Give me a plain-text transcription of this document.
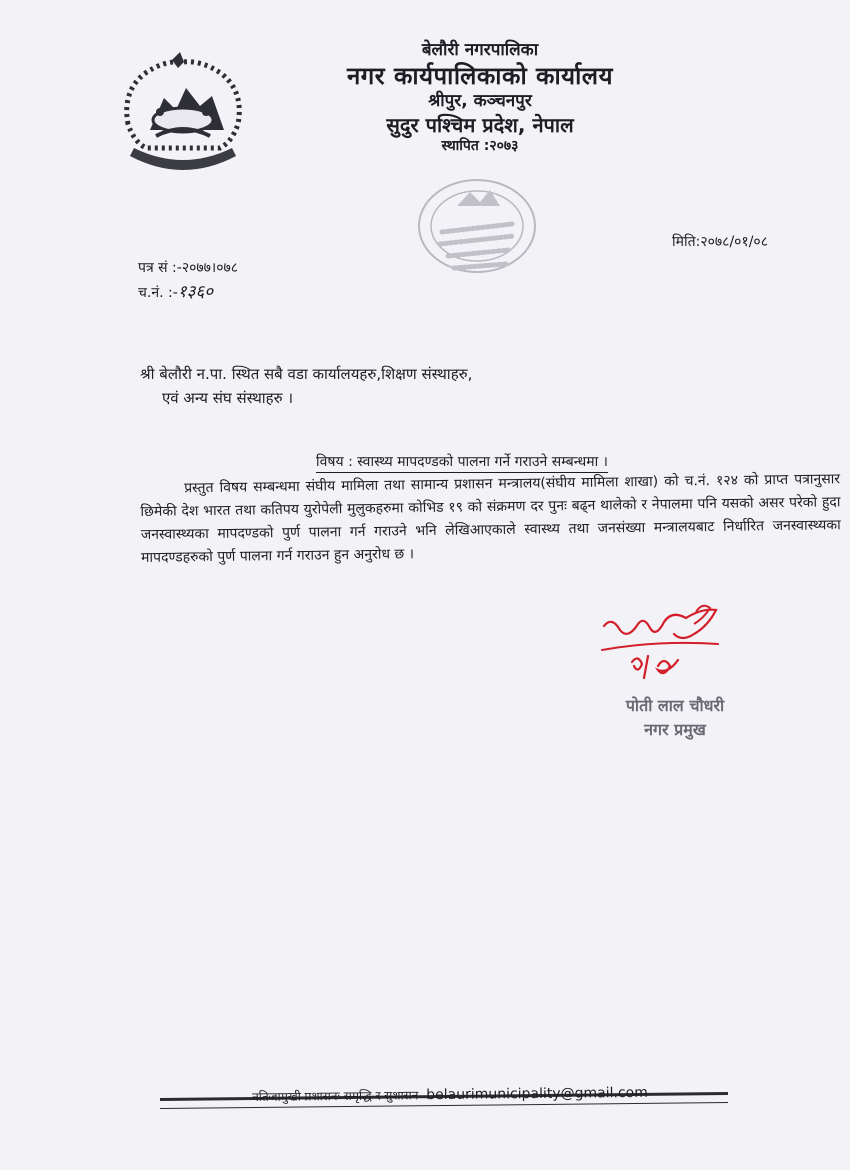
बेलौरी नगरपालिका
नगर कार्यपालिकाको कार्यालय
श्रीपुर, कञ्चनपुर
सुदुर पश्चिम प्रदेश, नेपाल
स्थापित :२०७३
मिति:२०७८/०१/०८
पत्र सं :-२०७७।०७८
च.नं. :-१३६०
श्री बेलौरी न.पा. स्थित सबै वडा कार्यालयहरु,शिक्षण संस्थाहरु,
एवं अन्य संघ संस्थाहरु ।
विषय : स्वास्थ्य मापदण्डको पालना गर्ने गराउने सम्बन्धमा ।
प्रस्तुत विषय सम्बन्धमा संघीय मामिला तथा सामान्य प्रशासन मन्त्रालय(संघीय मामिला शाखा) को च.नं. १२४ को प्राप्त पत्रानुसार छिमेकी देश भारत तथा कतिपय युरोपेली मुलुकहरुमा कोभिड १९ को संक्रमण दर पुनः बढ्न थालेको र नेपालमा पनि यसको असर परेको हुदा जनस्वास्थ्यका मापदण्डको पुर्ण पालना गर्न गराउने भनि लेखिआएकाले स्वास्थ्य तथा जनसंख्या मन्त्रालयबाट निर्धारित जनस्वास्थ्यका मापदण्डहरुको पुर्ण पालना गर्न गराउन हुन अनुरोध छ ।
पोती लाल चौधरी
नगर प्रमुख
नतिजामुखी प्रशासनः समृद्धि र सुशासन belaurimunicipality@gmail.com
